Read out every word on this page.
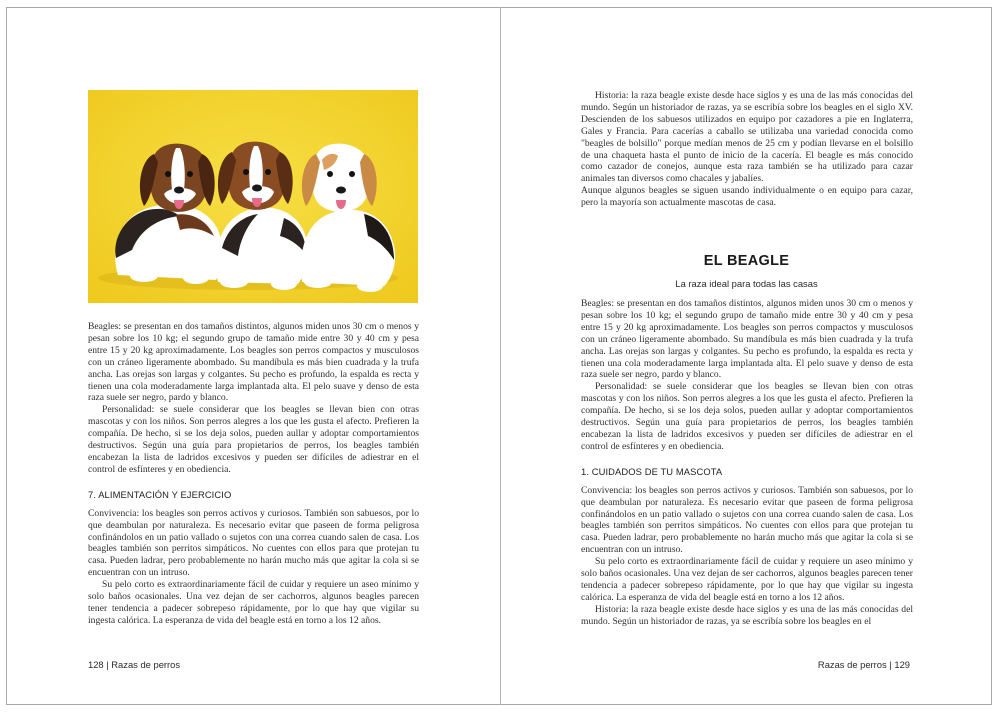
Beagles: se presentan en dos tamaños distintos, algunos miden unos 30 cm o menos y pesan sobre los 10 kg; el segundo grupo de tamaño mide entre 30 y 40 cm y pesa entre 15 y 20 kg aproximadamente. Los beagles son perros compactos y musculosos con un cráneo ligeramente abombado. Su mandíbula es más bien cuadrada y la trufa ancha. Las orejas son largas y colgantes. Su pecho es profundo, la espalda es recta y tienen una cola moderadamente larga implantada alta. El pelo suave y denso de esta raza suele ser negro, pardo y blanco.

Personalidad: se suele considerar que los beagles se llevan bien con otras mascotas y con los niños. Son perros alegres a los que les gusta el afecto. Prefieren la compañía. De hecho, si se los deja solos, pueden aullar y adoptar comportamientos destructivos. Según una guía para propietarios de perros, los beagles también encabezan la lista de ladridos excesivos y pueden ser difíciles de adiestrar en el control de esfínteres y en obediencia.

7. ALIMENTACIÓN Y EJERCICIO

Convivencia: los beagles son perros activos y curiosos. También son sabuesos, por lo que deambulan por naturaleza. Es necesario evitar que paseen de forma peligrosa confinándolos en un patio vallado o sujetos con una correa cuando salen de casa. Los beagles también son perritos simpáticos. No cuentes con ellos para que protejan tu casa. Pueden ladrar, pero probablemente no harán mucho más que agitar la cola si se encuentran con un intruso.

Su pelo corto es extraordinariamente fácil de cuidar y requiere un aseo mínimo y solo baños ocasionales. Una vez dejan de ser cachorros, algunos beagles parecen tener tendencia a padecer sobrepeso rápidamente, por lo que hay que vigilar su ingesta calórica. La esperanza de vida del beagle está en torno a los 12 años.

128 | Razas de perros

Historia: la raza beagle existe desde hace siglos y es una de las más conocidas del mundo. Según un historiador de razas, ya se escribía sobre los beagles en el siglo XV. Descienden de los sabuesos utilizados en equipo por cazadores a pie en Inglaterra, Gales y Francia. Para cacerías a caballo se utilizaba una variedad conocida como "beagles de bolsillo" porque medían menos de 25 cm y podían llevarse en el bolsillo de una chaqueta hasta el punto de inicio de la cacería. El beagle es más conocido como cazador de conejos, aunque esta raza también se ha utilizado para cazar animales tan diversos como chacales y jabalíes.

Aunque algunos beagles se siguen usando individualmente o en equipo para cazar, pero la mayoría son actualmente mascotas de casa.

EL BEAGLE
La raza ideal para todas las casas

Beagles: se presentan en dos tamaños distintos, algunos miden unos 30 cm o menos y pesan sobre los 10 kg; el segundo grupo de tamaño mide entre 30 y 40 cm y pesa entre 15 y 20 kg aproximadamente. Los beagles son perros compactos y musculosos con un cráneo ligeramente abombado. Su mandíbula es más bien cuadrada y la trufa ancha. Las orejas son largas y colgantes. Su pecho es profundo, la espalda es recta y tienen una cola moderadamente larga implantada alta. El pelo suave y denso de esta raza suele ser negro, pardo y blanco.

Personalidad: se suele considerar que los beagles se llevan bien con otras mascotas y con los niños. Son perros alegres a los que les gusta el afecto. Prefieren la compañía. De hecho, si se los deja solos, pueden aullar y adoptar comportamientos destructivos. Según una guía para propietarios de perros, los beagles también encabezan la lista de ladridos excesivos y pueden ser difíciles de adiestrar en el control de esfínteres y en obediencia.

1. CUIDADOS DE TU MASCOTA

Convivencia: los beagles son perros activos y curiosos. También son sabuesos, por lo que deambulan por naturaleza. Es necesario evitar que paseen de forma peligrosa confinándolos en un patio vallado o sujetos con una correa cuando salen de casa. Los beagles también son perritos simpáticos. No cuentes con ellos para que protejan tu casa. Pueden ladrar, pero probablemente no harán mucho más que agitar la cola si se encuentran con un intruso.

Su pelo corto es extraordinariamente fácil de cuidar y requiere un aseo mínimo y solo baños ocasionales. Una vez dejan de ser cachorros, algunos beagles parecen tener tendencia a padecer sobrepeso rápidamente, por lo que hay que vigilar su ingesta calórica. La esperanza de vida del beagle está en torno a los 12 años.

Historia: la raza beagle existe desde hace siglos y es una de las más conocidas del mundo. Según un historiador de razas, ya se escribía sobre los beagles en el

Razas de perros | 129
